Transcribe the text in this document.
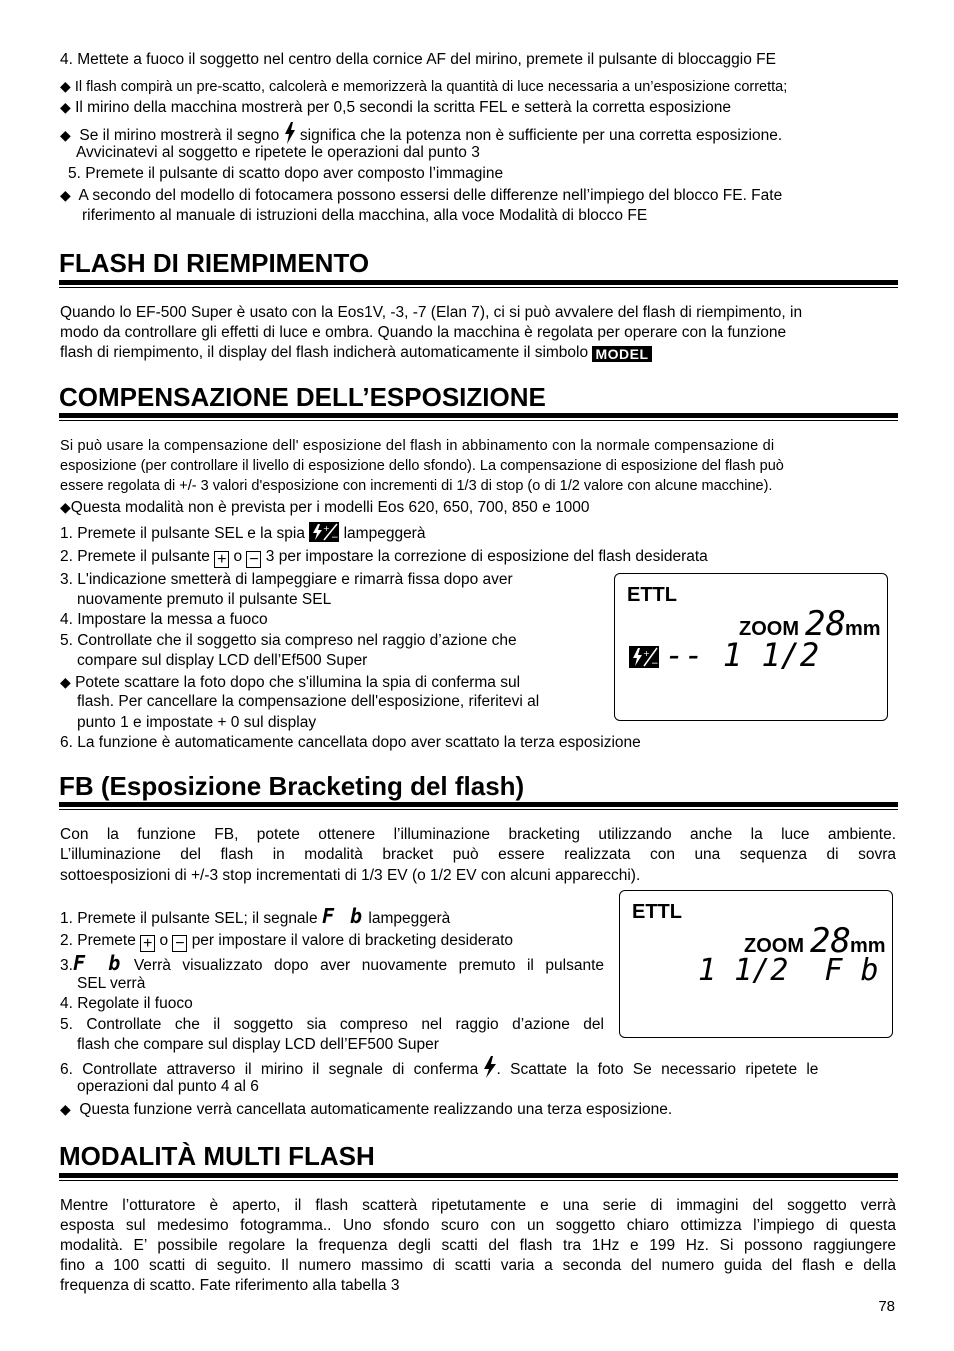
4. Mettete a fuoco il soggetto nel centro della cornice AF del mirino, premete il pulsante di bloccaggio FE
◆ Il flash compirà un pre-scatto, calcolerà e memorizzerà la quantità di luce necessaria a un’esposizione corretta;
◆ Il mirino della macchina mostrerà per 0,5 secondi la scritta FEL e setterà la corretta esposizione
◆ Se il mirino mostrerà il segno significa che la potenza non è sufficiente per una corretta esposizione.
Avvicinatevi al soggetto e ripetete le operazioni dal punto 3
5. Premete il pulsante di scatto dopo aver composto l’immagine
◆ A secondo del modello di fotocamera possono essersi delle differenze nell’impiego del blocco FE. Fate
riferimento al manuale di istruzioni della macchina, alla voce Modalità di blocco FE
FLASH DI RIEMPIMENTO
Quando lo EF-500 Super è usato con la Eos1V, -3, -7 (Elan 7), ci si può avvalere del flash di riempimento, in
modo da controllare gli effetti di luce e ombra. Quando la macchina è regolata per operare con la funzione
flash di riempimento, il display del flash indicherà automaticamente il simbolo MODEL
COMPENSAZIONE DELL’ESPOSIZIONE
Si può usare la compensazione dell' esposizione del flash in abbinamento con la normale compensazione di
esposizione (per controllare il livello di esposizione dello sfondo). La compensazione di esposizione del flash può
essere regolata di +/- 3 valori d'esposizione con incrementi di 1/3 di stop (o di 1/2 valore con alcune macchine).
◆Questa modalità non è prevista per i modelli Eos 620, 650, 700, 850 e 1000
1. Premete il pulsante SEL e la spia +
− lampeggerà
2. Premete il pulsante + o − 3 per impostare la correzione di esposizione del flash desiderata
3. L'indicazione smetterà di lampeggiare e rimarrà fissa dopo aver
nuovamente premuto il pulsante SEL
4. Impostare la messa a fuoco
5. Controllate che il soggetto sia compreso nel raggio d’azione che
compare sul display LCD dell’Ef500 Super
◆ Potete scattare la foto dopo che s'illumina la spia di conferma sul
flash. Per cancellare la compensazione dell'esposizione, riferitevi al
punto 1 e impostate + 0 sul display
6. La funzione è automaticamente cancellata dopo aver scattato la terza esposizione
ETTL
ZOOM 28 mm
+
− -- 1 1/2
FB (Esposizione Bracketing del flash)
Con la funzione FB, potete ottenere l’illuminazione bracketing utilizzando anche la luce ambiente.
L’illuminazione del flash in modalità bracket può essere realizzata con una sequenza di sovra
sottoesposizioni di +/-3 stop incrementati di 1/3 EV (o 1/2 EV con alcuni apparecchi).
1. Premete il pulsante SEL; il segnale F b lampeggerà
2. Premete + o − per impostare il valore di bracketing desiderato
3.F b Verrà visualizzato dopo aver nuovamente premuto il pulsante
SEL verrà
4. Regolate il fuoco
5. Controllate che il soggetto sia compreso nel raggio d’azione del
flash che compare sul display LCD dell’EF500 Super
6. Controllate attraverso il mirino il segnale di conferma . Scattate la foto Se necessario ripetete le
operazioni dal punto 4 al 6
◆ Questa funzione verrà cancellata automaticamente realizzando una terza esposizione.
ETTL
ZOOM 28 mm
1 1/2  F b
MODALITÀ MULTI FLASH
Mentre l’otturatore è aperto, il flash scatterà ripetutamente e una serie di immagini del soggetto verrà
esposta sul medesimo fotogramma.. Uno sfondo scuro con un soggetto chiaro ottimizza l’impiego di questa
modalità. E’ possibile regolare la frequenza degli scatti del flash tra 1Hz e 199 Hz. Si possono raggiungere
fino a 100 scatti di seguito. Il numero massimo di scatti varia a seconda del numero guida del flash e della
frequenza di scatto. Fate riferimento alla tabella 3
78
